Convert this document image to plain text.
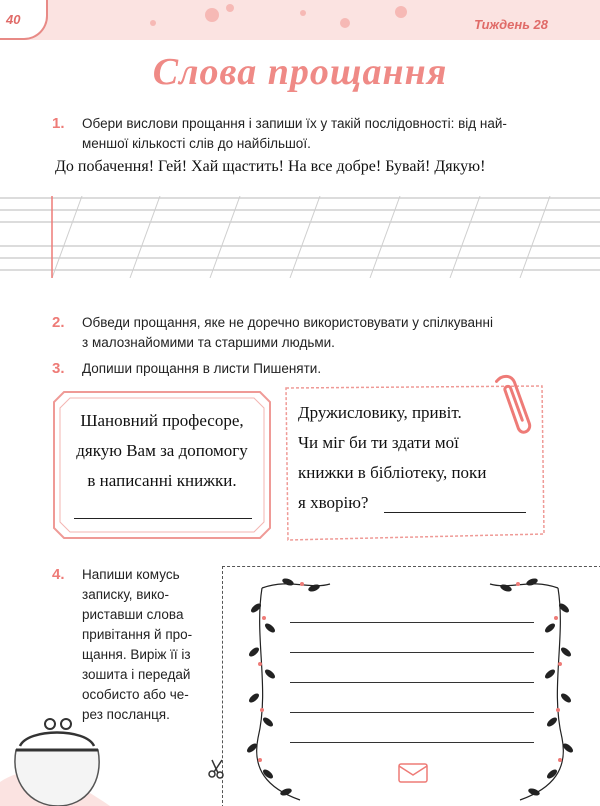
40	Тиждень 28
Слова прощання
1. Обери вислови прощання і запиши їх у такій послідовності: від най-
меншої кількості слів до найбільшої.
До побачення! Гей! Хай щастить! На все добре! Бувай! Дякую!
2. Обведи прощання, яке не доречно використовувати у спілкуванні
з малознайомими та старшими людьми.
3. Допиши прощання в листи Пишеняти.
Шановний професоре,
дякую Вам за допомогу
в написанні книжки.
Дружисловику, привіт.
Чи міг би ти здати мої
книжки в бібліотеку, поки
я хворію?
4. Напиши комусь
записку, вико-
риставши слова
привітання й про-
щання. Виріж її із
зошита і передай
особисто або че-
рез посланця.
